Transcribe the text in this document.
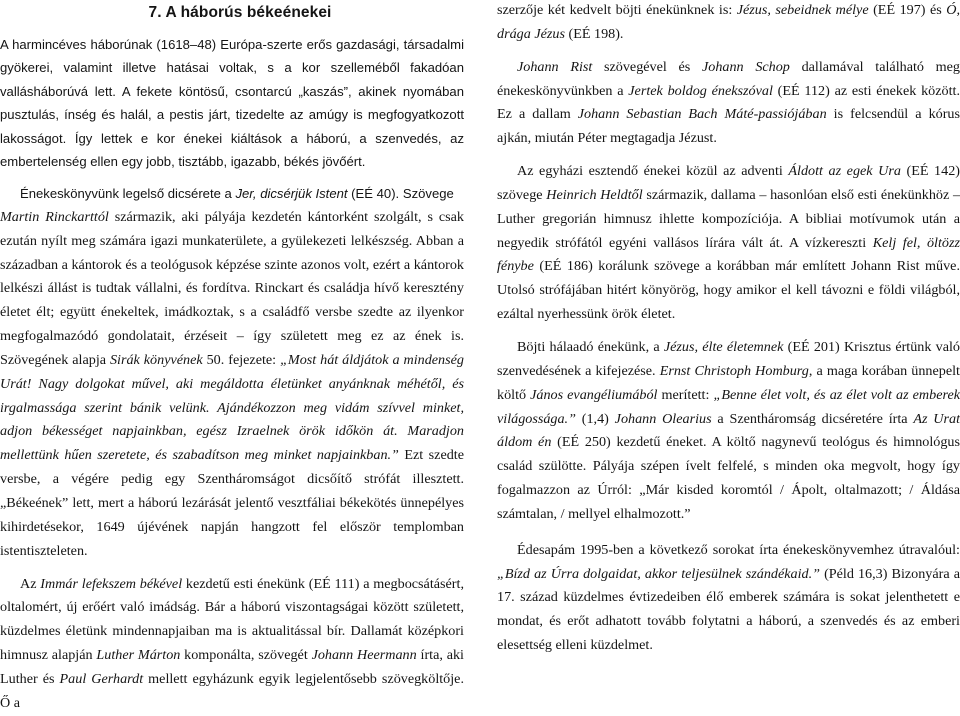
7. A háborús békeénekei

A harmincéves háborúnak (1618–48) Európa-szerte erős gazdasági, társadalmi gyökerei, valamint illetve hatásai voltak, s a kor szelleméből fakadóan vallásháborúvá lett. A fekete köntösű, csontarcú „kaszás”, akinek nyomában pusztulás, ínség és halál, a pestis járt, tizedelte az amúgy is megfogyatkozott lakosságot. Így lettek e kor énekei kiáltások a háború, a szenvedés, az embertelenség ellen egy jobb, tisztább, igazabb, békés jövőért.

Énekeskönyvünk legelső dicsérete a Jer, dicsérjük Istent (EÉ 40). Szövege

Martin Rinckarttól származik, aki pályája kezdetén kántorként szolgált, s csak ezután nyílt meg számára igazi munkaterülete, a gyülekezeti lelkészség. Abban a században a kántorok és a teológusok képzése szinte azonos volt, ezért a kántorok lelkészi állást is tudtak vállalni, és fordítva. Rinckart és családja hívő keresztény életet élt; együtt énekeltek, imádkoztak, s a családfő versbe szedte az ilyenkor megfogalmazódó gondolatait, érzéseit – így született meg ez az ének is. Szövegének alapja Sirák könyvének 50. fejezete: „Most hát áldjátok a mindenség Urát! Nagy dolgokat művel, aki megáldotta életünket anyánknak méhétől, és irgalmassága szerint bánik velünk. Ajándékozzon meg vidám szívvel minket, adjon békességet napjainkban, egész Izraelnek örök időkön át. Maradjon mellettünk hűen szeretete, és szabadítson meg minket napjainkban.” Ezt szedte versbe, a végére pedig egy Szentháromságot dicsőítő strófát illesztett. „Békeének” lett, mert a háború lezárását jelentő vesztfáliai békekötés ünnepélyes kihirdetésekor, 1649 újévének napján hangzott fel először templomban istentiszteleten.

Az Immár lefekszem békével kezdetű esti énekünk (EÉ 111) a megbocsátásért, oltalomért, új erőért való imádság. Bár a háború viszontagságai között született, küzdelmes életünk mindennapjaiban ma is aktualitással bír. Dallamát középkori himnusz alapján Luther Márton komponálta, szövegét Johann Heermann írta, aki Luther és Paul Gerhardt mellett egyházunk egyik legjelentősebb szövegköltője. Ő a

szerzője két kedvelt böjti énekünknek is: Jézus, sebeidnek mélye (EÉ 197) és Ó, drága Jézus (EÉ 198).

Johann Rist szövegével és Johann Schop dallamával található meg énekeskönyvünkben a Jertek boldog énekszóval (EÉ 112) az esti énekek között. Ez a dallam Johann Sebastian Bach Máté-passiójában is felcsendül a kórus ajkán, miután Péter megtagadja Jézust.

Az egyházi esztendő énekei közül az adventi Áldott az egek Ura (EÉ 142) szövege Heinrich Heldtől származik, dallama – hasonlóan első esti énekünkhöz – Luther gregorián himnusz ihlette kompozíciója. A bibliai motívumok után a negyedik strófától egyéni vallásos lírára vált át. A vízkereszti Kelj fel, öltözz fénybe (EÉ 186) korálunk szövege a korábban már említett Johann Rist műve. Utolsó strófájában hitért könyörög, hogy amikor el kell távozni e földi világból, ezáltal nyerhessünk örök életet.

Böjti hálaadó énekünk, a Jézus, élte életemnek (EÉ 201) Krisztus értünk való szenvedésének a kifejezése. Ernst Christoph Homburg, a maga korában ünnepelt költő János evangéliumából merített: „Benne élet volt, és az élet volt az emberek világossága.” (1,4) Johann Olearius a Szentháromság dicséretére írta Az Urat áldom én (EÉ 250) kezdetű éneket. A költő nagynevű teológus és himnológus család szülötte. Pályája szépen ívelt felfelé, s minden oka megvolt, hogy így fogalmazzon az Úrról: „Már kisded koromtól / Ápolt, oltalmazott; / Áldása számtalan, / mellyel elhalmozott.”

Édesapám 1995-ben a következő sorokat írta énekeskönyvemhez útravalóul: „Bízd az Úrra dolgaidat, akkor teljesülnek szándékaid.” (Péld 16,3) Bizonyára a 17. század küzdelmes évtizedeiben élő emberek számára is sokat jelenthetett e mondat, és erőt adhatott tovább folytatni a háború, a szenvedés és az emberi elesettség elleni küzdelmet.
